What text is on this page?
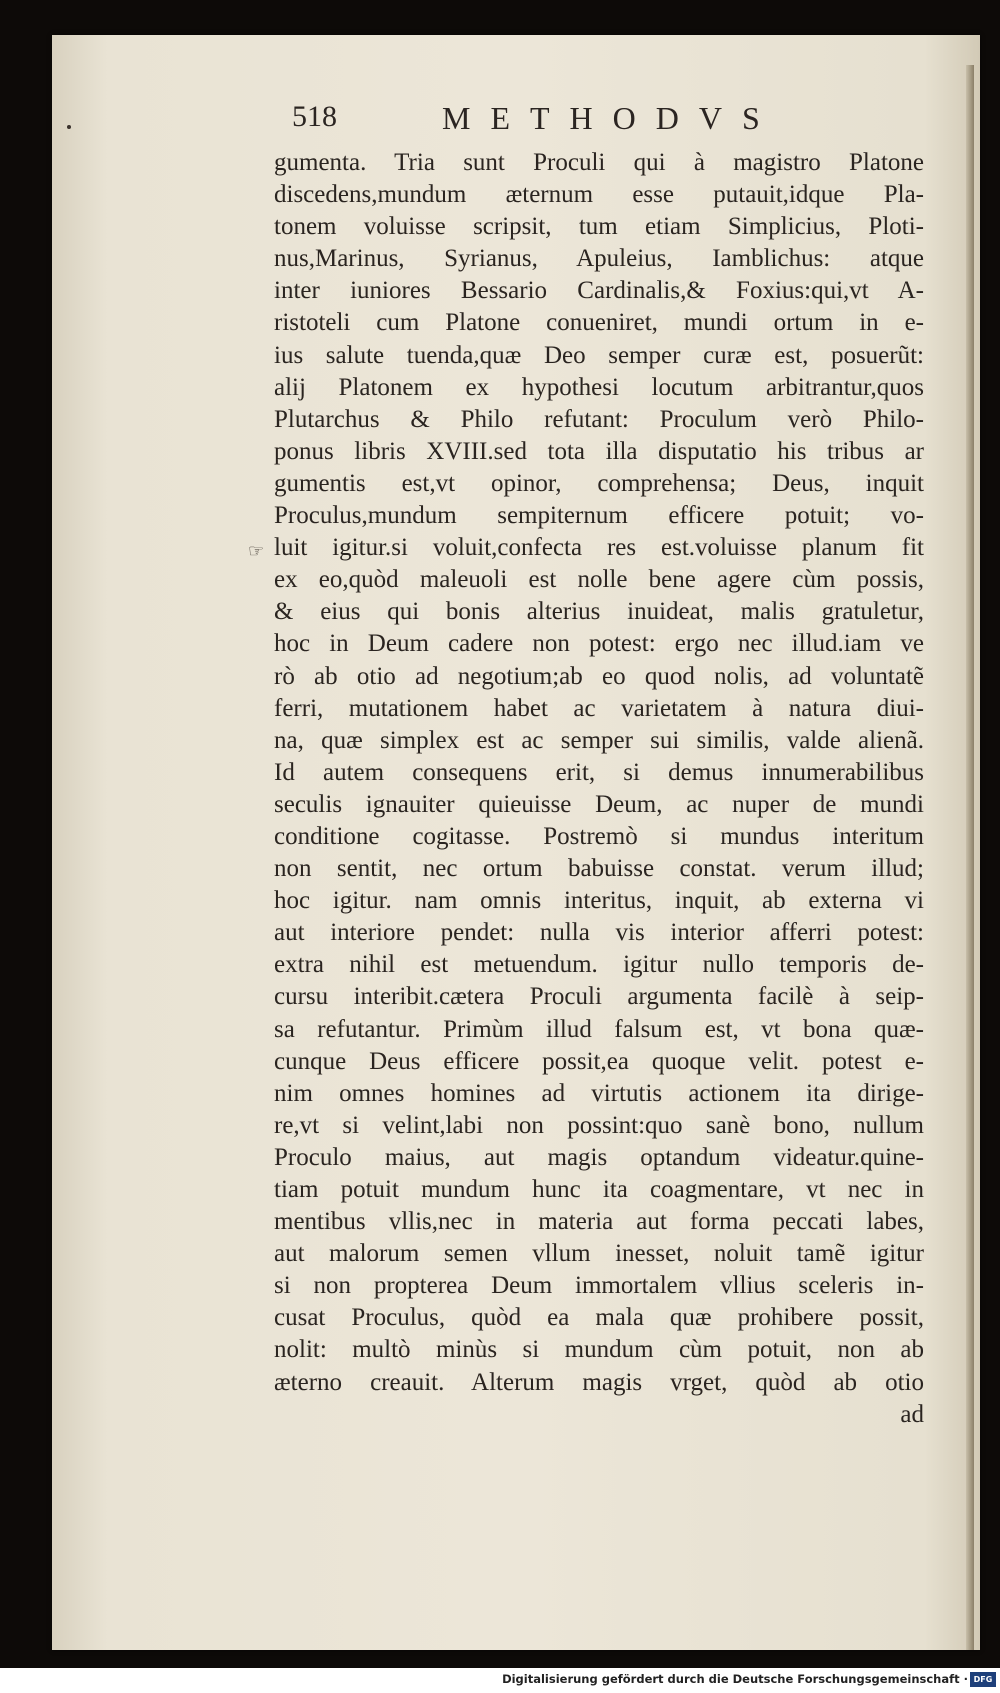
518	METHODVS
☞
gumenta. Tria sunt Proculi qui à magistro Platone
discedens,mundum æternum esse putauit,idque Pla-
tonem voluisse scripsit, tum etiam Simplicius, Ploti-
nus,Marinus, Syrianus, Apuleius, Iamblichus: atque
inter iuniores Bessario Cardinalis,& Foxius:qui,vt A-
ristoteli cum Platone conueniret, mundi ortum in e-
ius salute tuenda,quæ Deo semper curæ est, posuerũt:
alij Platonem ex hypothesi locutum arbitrantur,quos
Plutarchus & Philo refutant: Proculum verò Philo-
ponus libris XVIII.sed tota illa disputatio his tribus ar
gumentis est,vt opinor, comprehensa; Deus, inquit
Proculus,mundum sempiternum efficere potuit; vo-
luit igitur.si voluit,confecta res est.voluisse planum fit
ex eo,quòd maleuoli est nolle bene agere cùm possis,
& eius qui bonis alterius inuideat, malis gratuletur,
hoc in Deum cadere non potest: ergo nec illud.iam ve
rò ab otio ad negotium;ab eo quod nolis, ad voluntatẽ
ferri, mutationem habet ac varietatem à natura diui-
na, quæ simplex est ac semper sui similis, valde alienã.
Id autem consequens erit, si demus innumerabilibus
seculis ignauiter quieuisse Deum, ac nuper de mundi
conditione cogitasse. Postremò si mundus interitum
non sentit, nec ortum babuisse constat. verum illud;
hoc igitur. nam omnis interitus, inquit, ab externa vi
aut interiore pendet: nulla vis interior afferri potest:
extra nihil est metuendum. igitur nullo temporis de-
cursu interibit.cætera Proculi argumenta facilè à seip-
sa refutantur. Primùm illud falsum est, vt bona quæ-
cunque Deus efficere possit,ea quoque velit. potest e-
nim omnes homines ad virtutis actionem ita dirige-
re,vt si velint,labi non possint:quo sanè bono, nullum
Proculo maius, aut magis optandum videatur.quine-
tiam potuit mundum hunc ita coagmentare, vt nec in
mentibus vllis,nec in materia aut forma peccati labes,
aut malorum semen vllum inesset, noluit tamẽ igitur
si non propterea Deum immortalem vllius sceleris in-
cusat Proculus, quòd ea mala quæ prohibere possit,
nolit: multò minùs si mundum cùm potuit, non ab
æterno creauit. Alterum magis vrget, quòd ab otio
ad
Digitalisierung gefördert durch die Deutsche Forschungsgemeinschaft · DFG
